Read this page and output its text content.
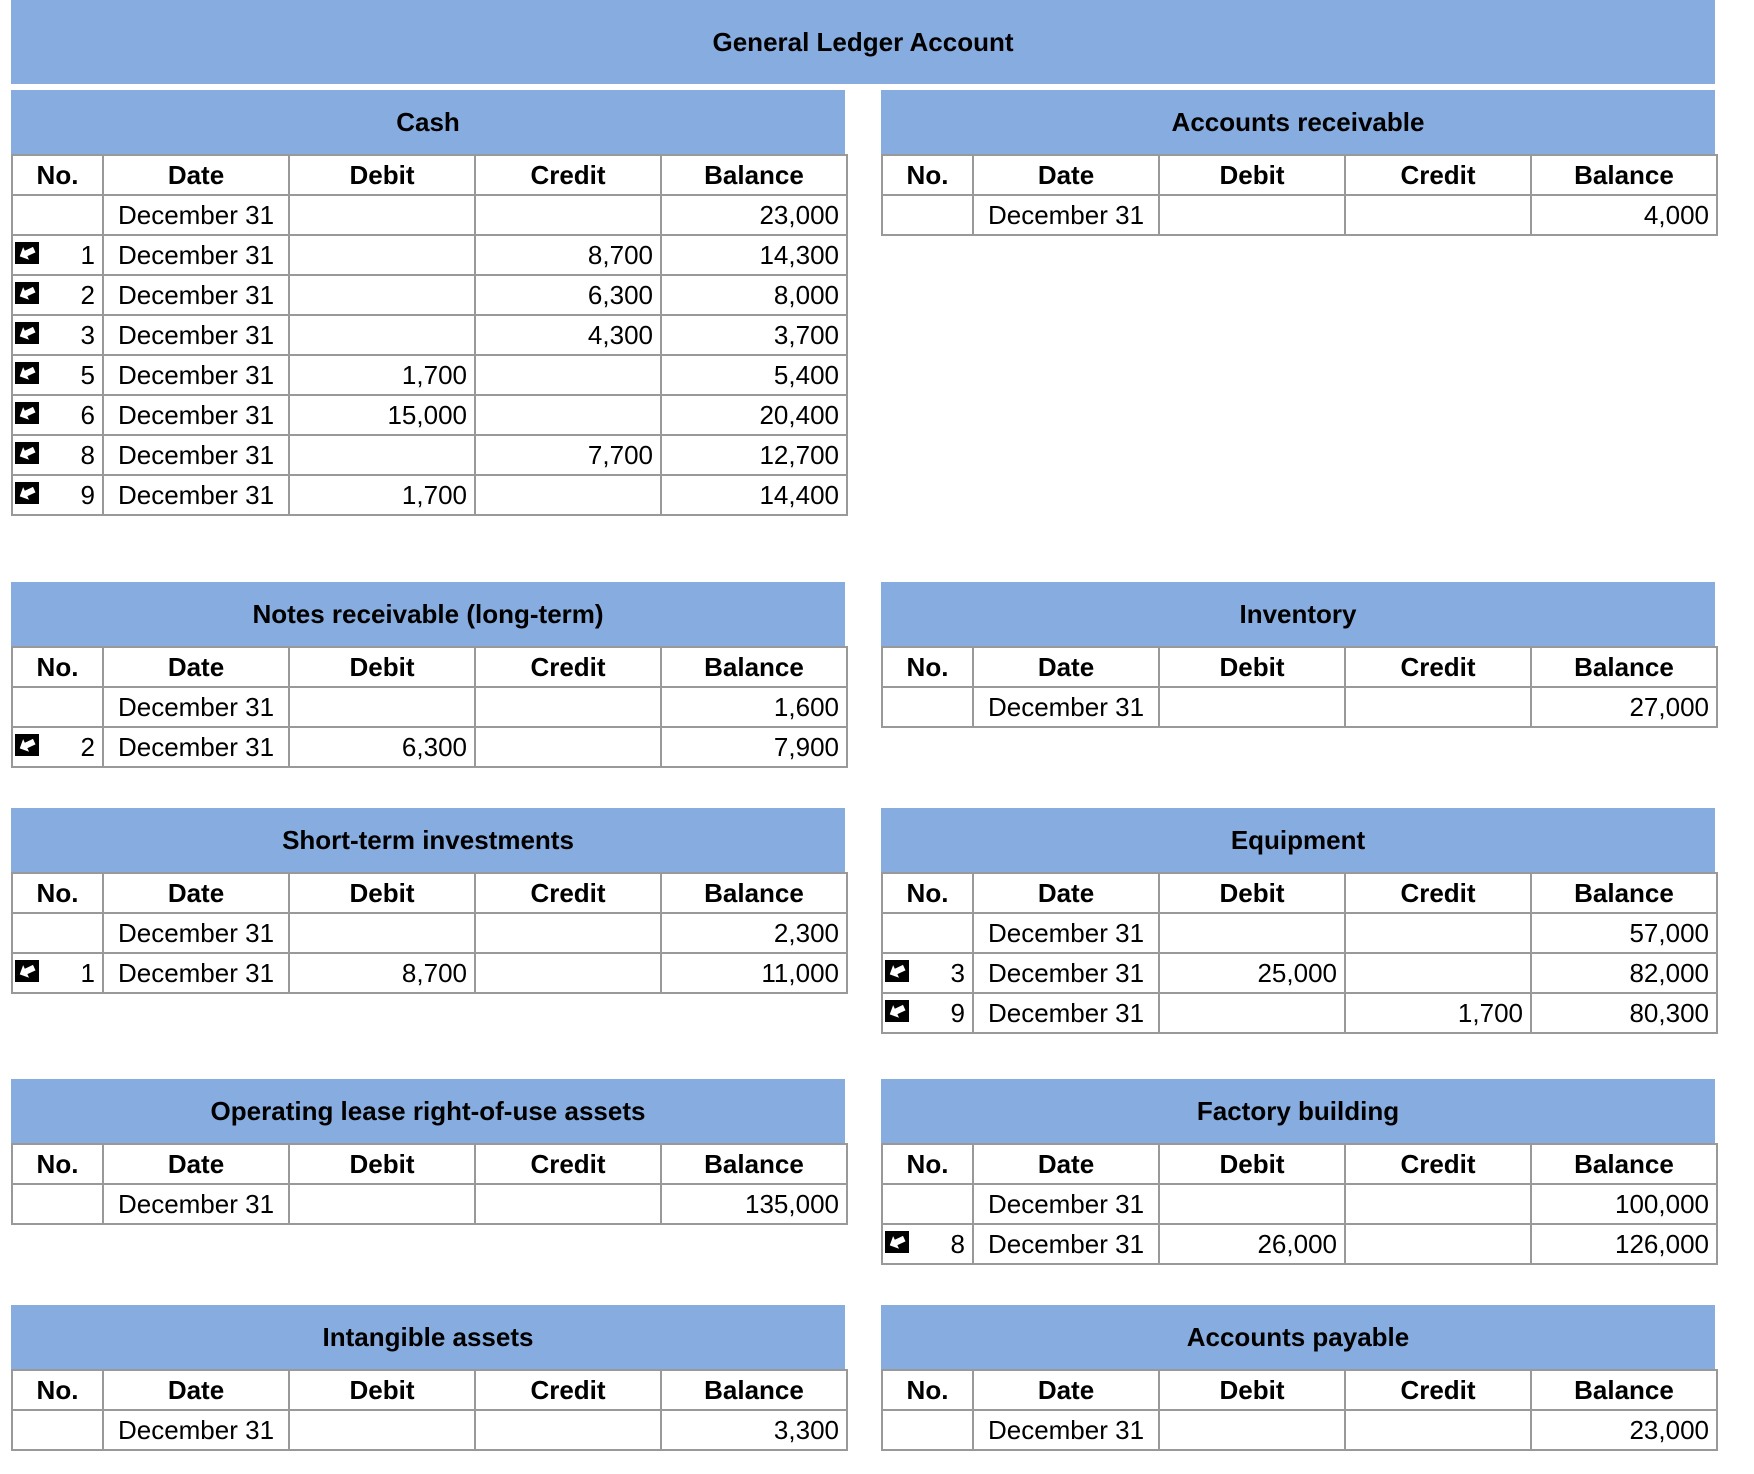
General Ledger Account
Cash
No.	Date	Debit	Credit	Balance
	December 31			23,000

1	December 31		8,700	14,300

2	December 31		6,300	8,000

3	December 31		4,300	3,700

5	December 31	1,700		5,400

6	December 31	15,000		20,400

8	December 31		7,700	12,700

9	December 31	1,700		14,400
Accounts receivable
No.	Date	Debit	Credit	Balance
	December 31			4,000
Notes receivable (long-term)
No.	Date	Debit	Credit	Balance
	December 31			1,600

2	December 31	6,300		7,900
Inventory
No.	Date	Debit	Credit	Balance
	December 31			27,000
Short-term investments
No.	Date	Debit	Credit	Balance
	December 31			2,300

1	December 31	8,700		11,000
Equipment
No.	Date	Debit	Credit	Balance
	December 31			57,000

3	December 31	25,000		82,000

9	December 31		1,700	80,300
Operating lease right-of-use assets
No.	Date	Debit	Credit	Balance
	December 31			135,000
Factory building
No.	Date	Debit	Credit	Balance
	December 31			100,000

8	December 31	26,000		126,000
Intangible assets
No.	Date	Debit	Credit	Balance
	December 31			3,300
Accounts payable
No.	Date	Debit	Credit	Balance
	December 31			23,000
